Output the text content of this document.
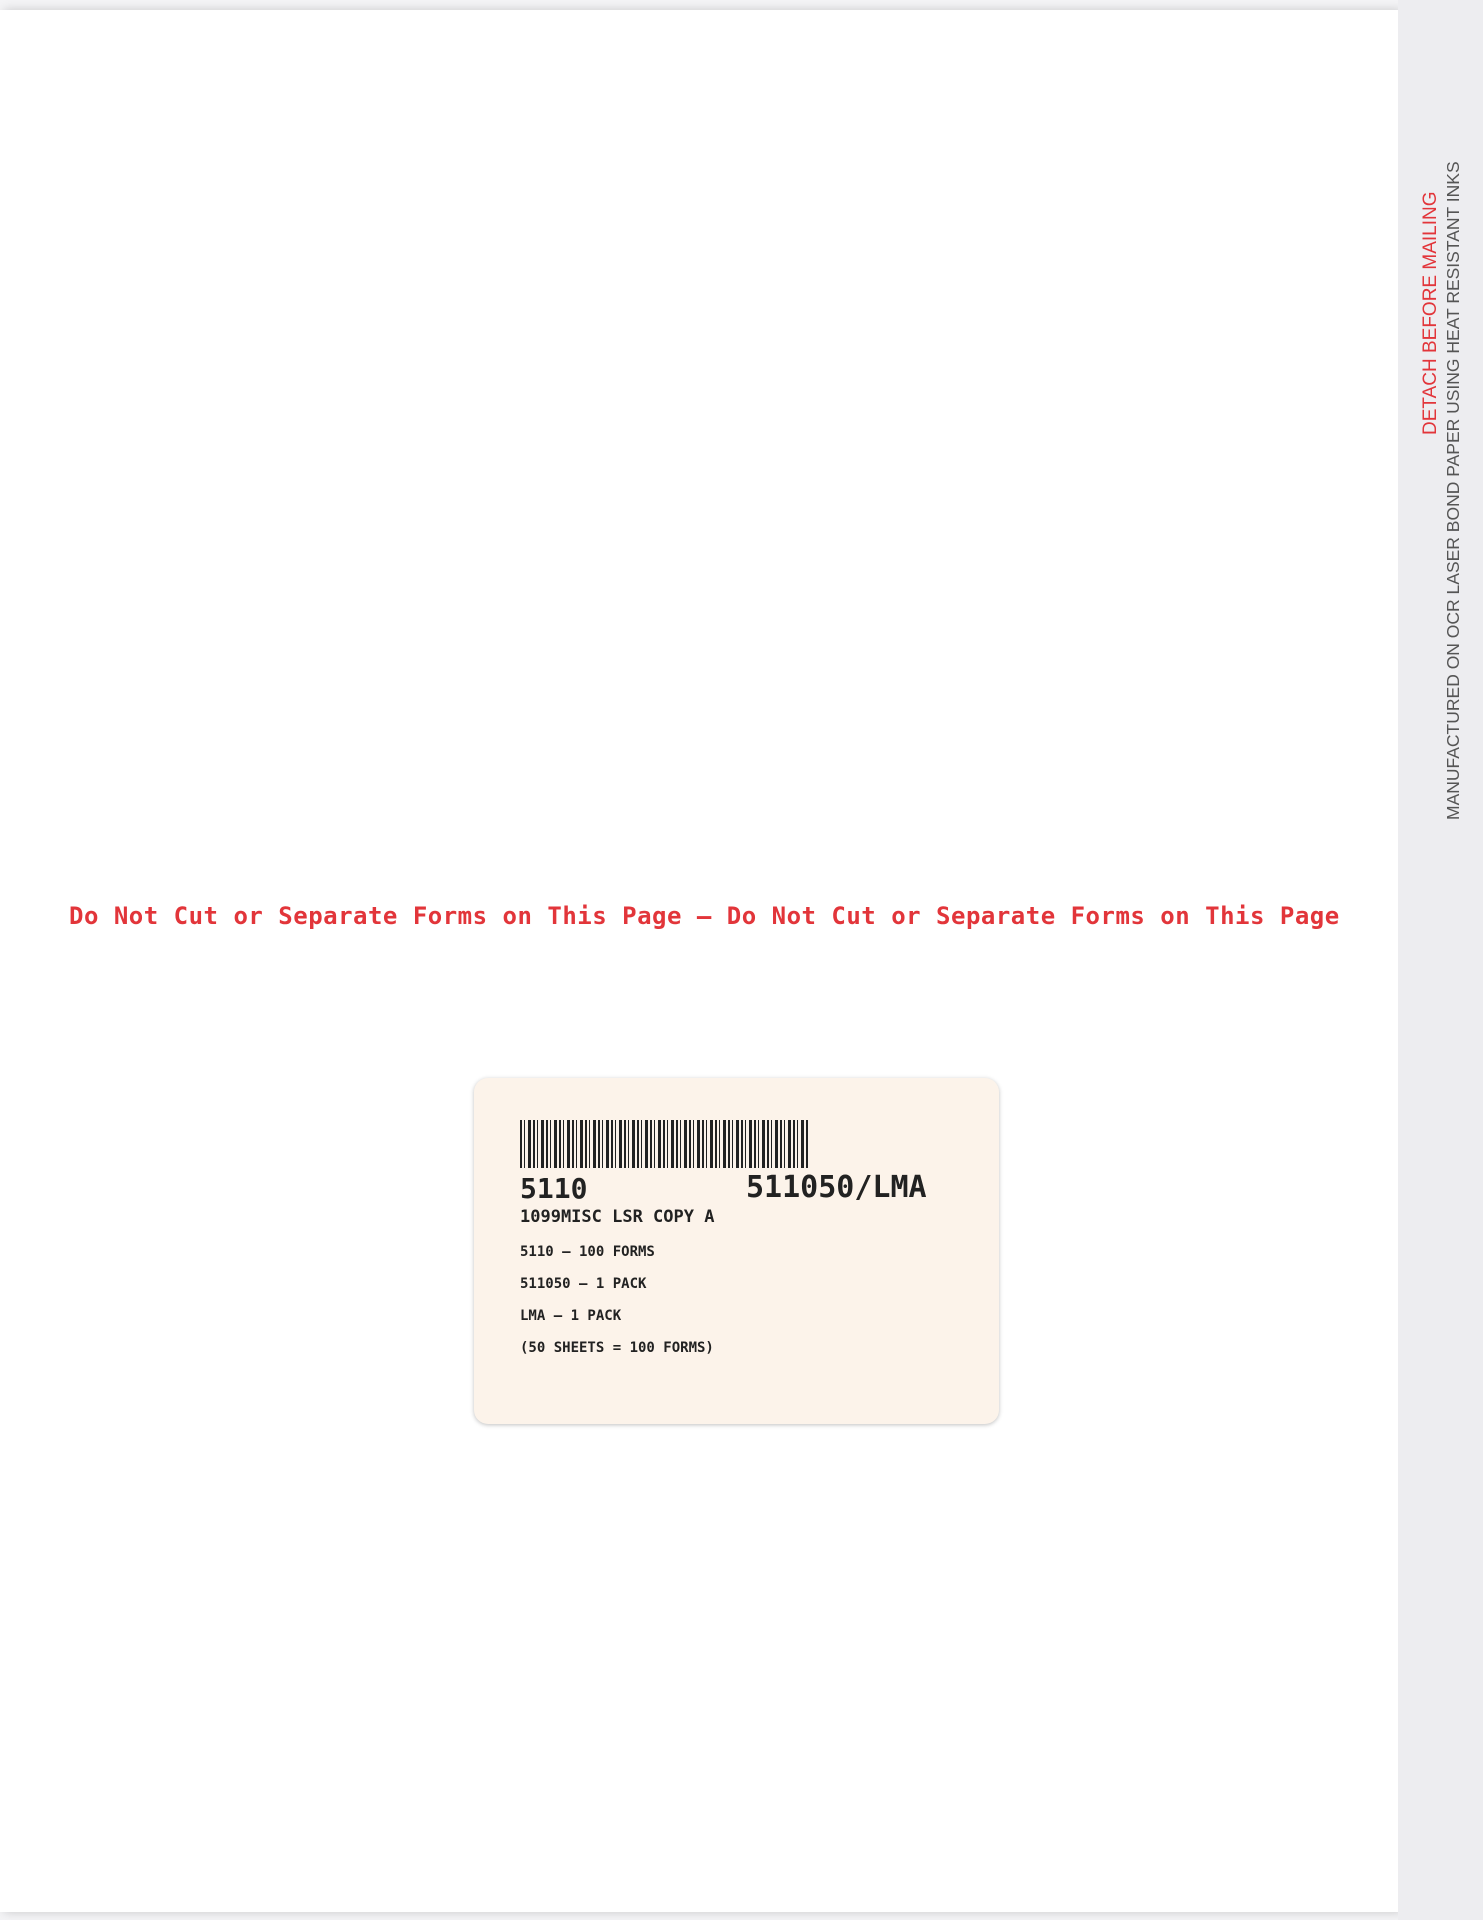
DETACH BEFORE MAILING MANUFACTURED ON OCR LASER BOND PAPER USING HEAT RESISTANT INKS
Do Not Cut or Separate Forms on This Page — Do Not Cut or Separate Forms on This Page
5110	511050/LMA
1099MISC LSR COPY A
5110 – 100 FORMS
511050 – 1 PACK
LMA – 1 PACK
(50 SHEETS = 100 FORMS)
